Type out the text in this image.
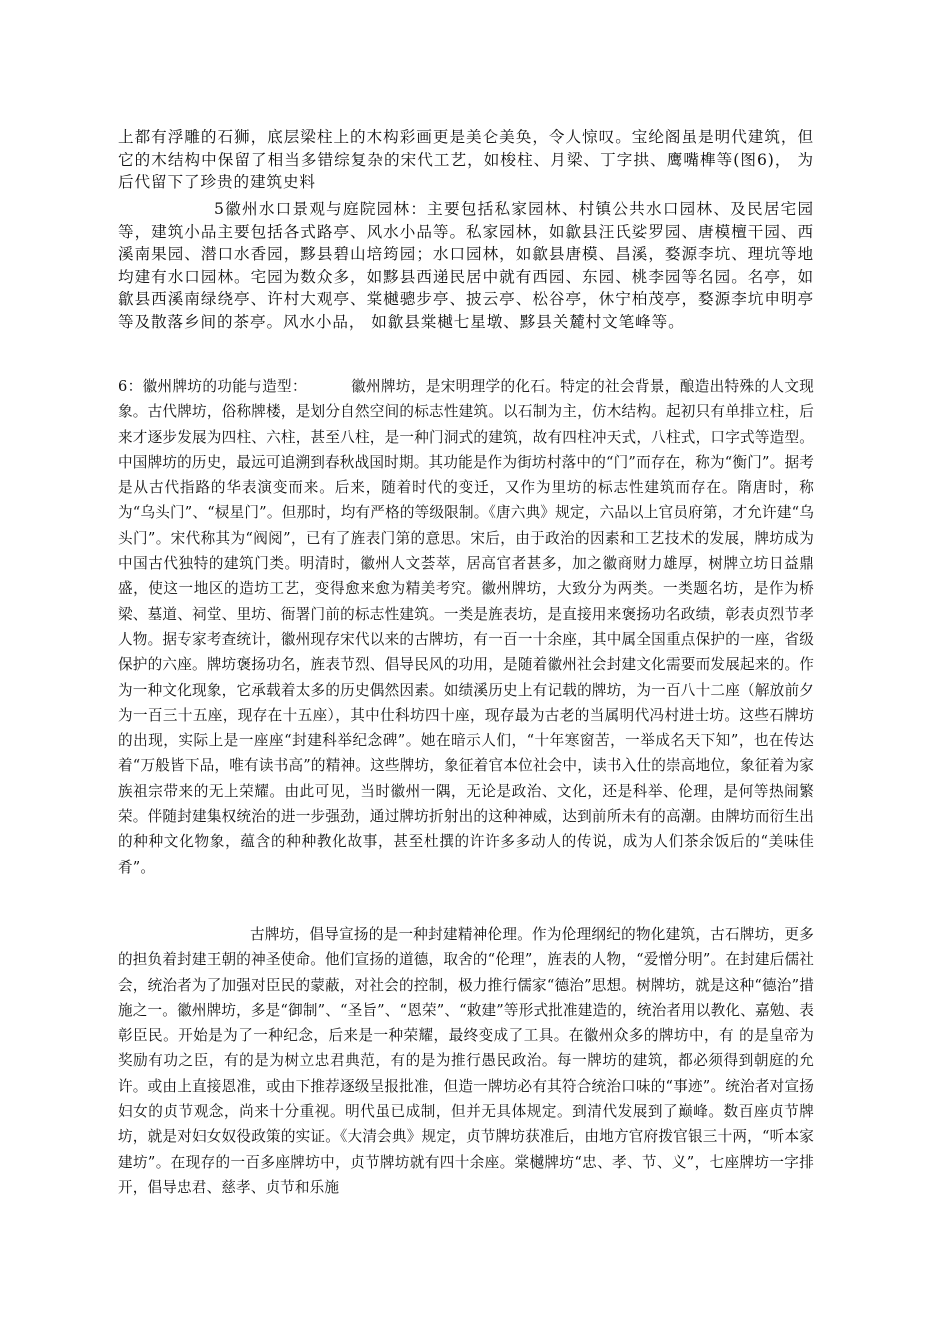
上都有浮雕的石狮，底层梁柱上的木构彩画更是美仑美奂，令人惊叹。宝纶阁虽是明代建筑，但它的木结构中保留了相当多错综复杂的宋代工艺，如梭柱、月梁、丁字拱、鹰嘴榫等(图6)， 为后代留下了珍贵的建筑史料

5徽州水口景观与庭院园林：主要包括私家园林、村镇公共水口园林、及民居宅园等，建筑小品主要包括各式路亭、风水小品等。私家园林，如歙县汪氏娑罗园、唐模檀干园、西溪南果园、潜口水香园，黟县碧山培筠园；水口园林，如歙县唐模、昌溪，婺源李坑、理坑等地均建有水口园林。宅园为数众多，如黟县西递民居中就有西园、东园、桃李园等名园。名亭，如歙县西溪南绿绕亭、许村大观亭、棠樾骢步亭、披云亭、松谷亭，休宁柏茂亭，婺源李坑申明亭等及散落乡间的茶亭。风水小品， 如歙县棠樾七星墩、黟县关麓村文笔峰等。

6：徽州牌坊的功能与造型：	徽州牌坊，是宋明理学的化石。特定的社会背景，酿造出特殊的人文现象。古代牌坊，俗称牌楼，是划分自然空间的标志性建筑。以石制为主，仿木结构。起初只有单排立柱，后来才逐步发展为四柱、六柱，甚至八柱，是一种门洞式的建筑，故有四柱冲天式，八柱式，口字式等造型。中国牌坊的历史，最远可追溯到春秋战国时期。其功能是作为街坊村落中的“门”而存在，称为“衡门”。据考是从古代指路的华表演变而来。后来，随着时代的变迁，又作为里坊的标志性建筑而存在。隋唐时，称为“乌头门”、“棂星门”。但那时，均有严格的等级限制。《唐六典》规定，六品以上官员府第，才允许建“乌头门”。宋代称其为“阀阅”，已有了旌表门第的意思。宋后，由于政治的因素和工艺技术的发展，牌坊成为中国古代独特的建筑门类。明清时，徽州人文荟萃，居高官者甚多，加之徽商财力雄厚，树牌立坊日益鼎盛，使这一地区的造坊工艺，变得愈来愈为精美考究。徽州牌坊，大致分为两类。一类题名坊，是作为桥梁、墓道、祠堂、里坊、衙署门前的标志性建筑。一类是旌表坊，是直接用来褒扬功名政绩，彰表贞烈节孝人物。据专家考查统计，徽州现存宋代以来的古牌坊，有一百一十余座，其中属全国重点保护的一座，省级保护的六座。牌坊褒扬功名，旌表节烈、倡导民风的功用，是随着徽州社会封建文化需要而发展起来的。作为一种文化现象，它承载着太多的历史偶然因素。如绩溪历史上有记载的牌坊，为一百八十二座（解放前夕为一百三十五座，现存在十五座），其中仕科坊四十座，现存最为古老的当属明代冯村进士坊。这些石牌坊的出现，实际上是一座座“封建科举纪念碑”。她在暗示人们，“十年寒窗苦，一举成名天下知”，也在传达着“万般皆下品，唯有读书高”的精神。这些牌坊，象征着官本位社会中，读书入仕的崇高地位，象征着为家族祖宗带来的无上荣耀。由此可见，当时徽州一隅，无论是政治、文化，还是科举、伦理，是何等热闹繁荣。伴随封建集权统治的进一步强劲，通过牌坊折射出的这种神威，达到前所未有的高潮。由牌坊而衍生出的种种文化物象，蕴含的种种教化故事，甚至杜撰的许许多多动人的传说，成为人们茶余饭后的“美味佳肴”。

古牌坊，倡导宣扬的是一种封建精神伦理。作为伦理纲纪的物化建筑，古石牌坊，更多的担负着封建王朝的神圣使命。他们宣扬的道德，取舍的“伦理”，旌表的人物，“爱憎分明”。在封建后儒社会，统治者为了加强对臣民的蒙蔽，对社会的控制，极力推行儒家“德治”思想。树牌坊，就是这种“德治”措施之一。徽州牌坊，多是“御制”、“圣旨”、“恩荣”、“敕建”等形式批准建造的，统治者用以教化、嘉勉、表彰臣民。开始是为了一种纪念，后来是一种荣耀，最终变成了工具。在徽州众多的牌坊中，有 的是皇帝为奖励有功之臣，有的是为树立忠君典范，有的是为推行愚民政治。每一牌坊的建筑，都必须得到朝庭的允许。或由上直接恩准，或由下推荐逐级呈报批准，但造一牌坊必有其符合统治口味的“事迹”。统治者对宣扬妇女的贞节观念，尚来十分重视。明代虽已成制，但并无具体规定。到清代发展到了巅峰。数百座贞节牌坊，就是对妇女奴役政策的实证。《大清会典》规定，贞节牌坊获准后，由地方官府拨官银三十两，“听本家建坊”。在现存的一百多座牌坊中，贞节牌坊就有四十余座。棠樾牌坊“忠、孝、节、义”，七座牌坊一字排开，倡导忠君、慈孝、贞节和乐施
